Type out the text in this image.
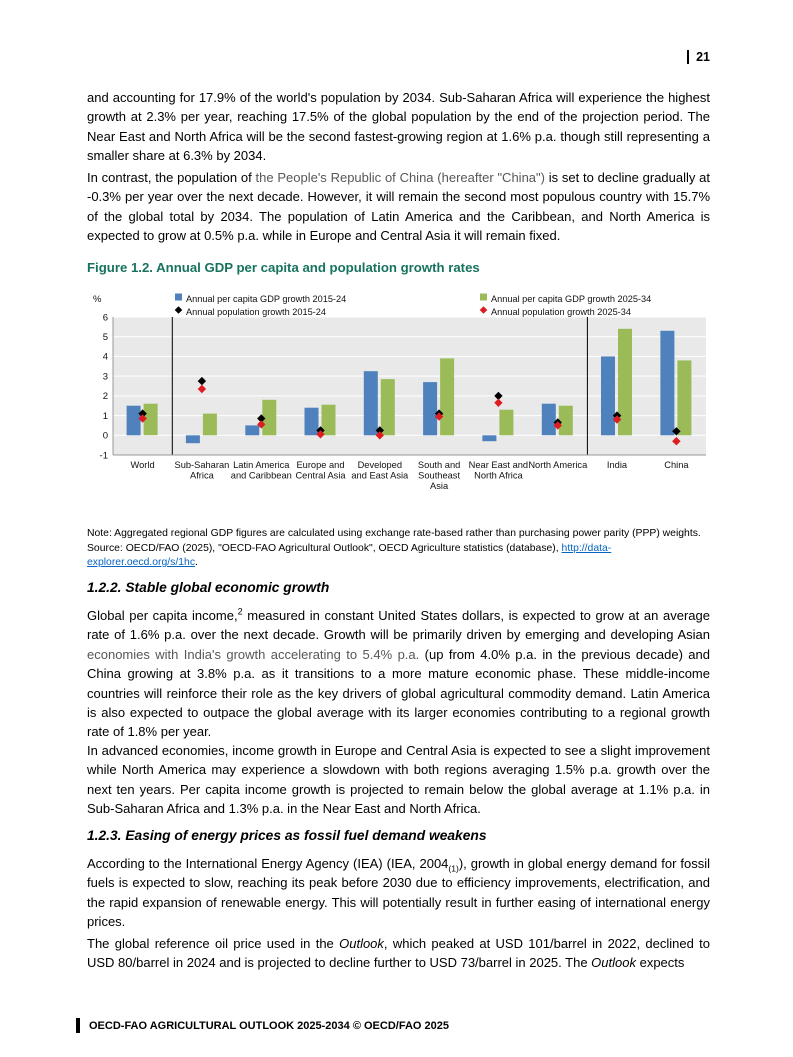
21

and accounting for 17.9% of the world's population by 2034. Sub-Saharan Africa will experience the highest growth at 2.3% per year, reaching 17.5% of the global population by the end of the projection period. The Near East and North Africa will be the second fastest-growing region at 1.6% p.a. though still representing a smaller share at 6.3% by 2034.

In contrast, the population of the People's Republic of China (hereafter "China") is set to decline gradually at -0.3% per year over the next decade. However, it will remain the second most populous country with 15.7% of the global total by 2034. The population of Latin America and the Caribbean, and North America is expected to grow at 0.5% p.a. while in Europe and Central Asia it will remain fixed.

Figure 1.2. Annual GDP per capita and population growth rates
-1
0
1
2
3
4
5
6
%
World Sub-Saharan
Africa
Latin America
and Caribbean
Europe and
Central Asia
Developed
and East Asia
South and
Southeast
Asia
Near East and
North Africa
North America India	China
Annual per capita GDP growth 2015-24	Annual per capita GDP growth 2025-34
Annual population growth 2015-24	Annual population growth 2025-34

Note: Aggregated regional GDP figures are calculated using exchange rate-based rather than purchasing power parity (PPP) weights.

Source: OECD/FAO (2025), "OECD-FAO Agricultural Outlook", OECD Agriculture statistics (database), http://data-explorer.oecd.org/s/1hc.

1.2.2. Stable global economic growth

Global per capita income,$^2$ measured in constant United States dollars, is expected to grow at an average rate of 1.6% p.a. over the next decade. Growth will be primarily driven by emerging and developing Asian economies with India's growth accelerating to 5.4% p.a. (up from 4.0% p.a. in the previous decade) and China growing at 3.8% p.a. as it transitions to a more mature economic phase. These middle-income countries will reinforce their role as the key drivers of global agricultural commodity demand. Latin America is also expected to outpace the global average with its larger economies contributing to a regional growth rate of 1.8% per year.

In advanced economies, income growth in Europe and Central Asia is expected to see a slight improvement while North America may experience a slowdown with both regions averaging 1.5% p.a. growth over the next ten years. Per capita income growth is projected to remain below the global average at 1.1% p.a. in Sub-Saharan Africa and 1.3% p.a. in the Near East and North Africa.

1.2.3. Easing of energy prices as fossil fuel demand weakens

According to the International Energy Agency (IEA) (IEA, $2004_{(1)}$), growth in global energy demand for fossil fuels is expected to slow, reaching its peak before 2030 due to efficiency improvements, electrification, and the rapid expansion of renewable energy. This will potentially result in further easing of international energy prices.

The global reference oil price used in the Outlook, which peaked at USD 101/barrel in 2022, declined to USD 80/barrel in 2024 and is projected to decline further to USD 73/barrel in 2025. The Outlook expects

OECD-FAO AGRICULTURAL OUTLOOK 2025-2034 © OECD/FAO 2025
